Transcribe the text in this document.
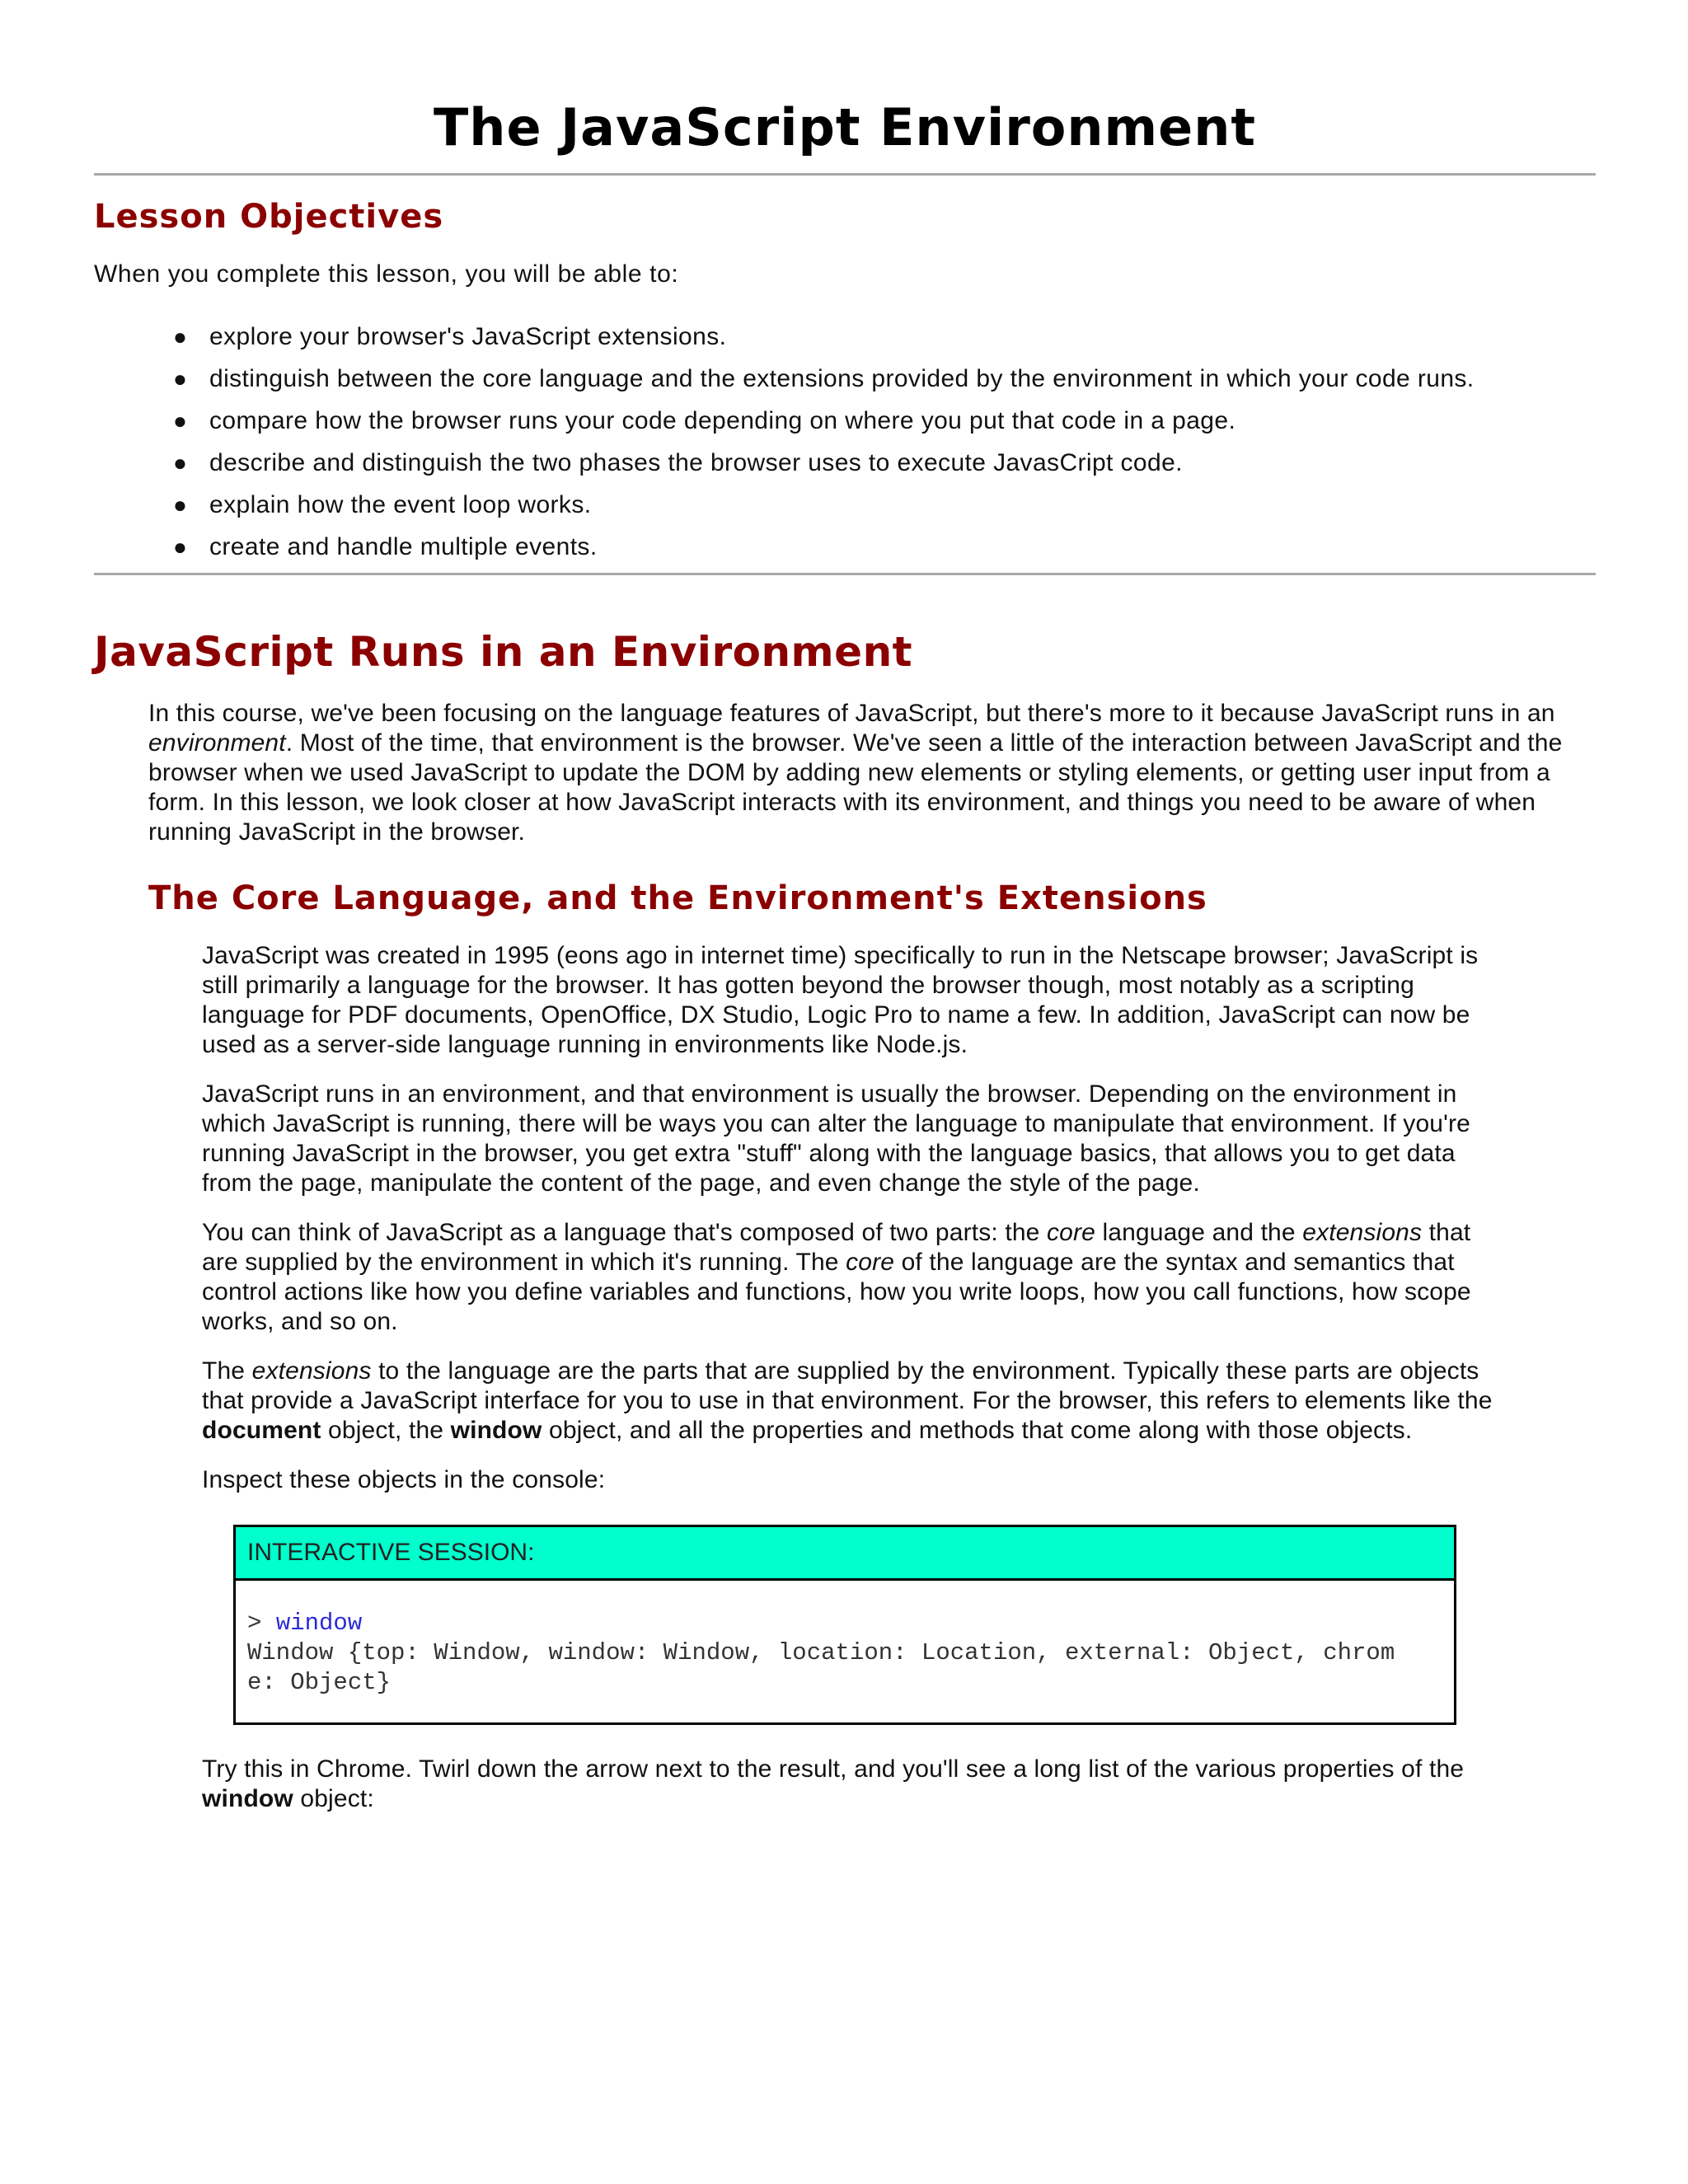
The JavaScript Environment
Lesson Objectives

When you complete this lesson, you will be able to:

● explore your browser's JavaScript extensions.
● distinguish between the core language and the extensions provided by the environment in which your code runs.
● compare how the browser runs your code depending on where you put that code in a page.
● describe and distinguish the two phases the browser uses to execute JavasCript code.
● explain how the event loop works.
● create and handle multiple events.
JavaScript Runs in an Environment

In this course, we've been focusing on the language features of JavaScript, but there's more to it because JavaScript runs in an environment. Most of the time, that environment is the browser. We've seen a little of the interaction between JavaScript and the browser when we used JavaScript to update the DOM by adding new elements or styling elements, or getting user input from a form. In this lesson, we look closer at how JavaScript interacts with its environment, and things you need to be aware of when running JavaScript in the browser.

The Core Language, and the Environment's Extensions

JavaScript was created in 1995 (eons ago in internet time) specifically to run in the Netscape browser; JavaScript is still primarily a language for the browser. It has gotten beyond the browser though, most notably as a scripting language for PDF documents, OpenOffice, DX Studio, Logic Pro to name a few. In addition, JavaScript can now be used as a server-side language running in environments like Node.js.

JavaScript runs in an environment, and that environment is usually the browser. Depending on the environment in which JavaScript is running, there will be ways you can alter the language to manipulate that environment. If you're running JavaScript in the browser, you get extra "stuff" along with the language basics, that allows you to get data from the page, manipulate the content of the page, and even change the style of the page.

You can think of JavaScript as a language that's composed of two parts: the core language and the extensions that are supplied by the environment in which it's running. The core of the language are the syntax and semantics that control actions like how you define variables and functions, how you write loops, how you call functions, how scope works, and so on.

The extensions to the language are the parts that are supplied by the environment. Typically these parts are objects that provide a JavaScript interface for you to use in that environment. For the browser, this refers to elements like the document object, the window object, and all the properties and methods that come along with those objects.

Inspect these objects in the console:

INTERACTIVE SESSION:
> window
Window {top: Window, window: Window, location: Location, external: Object, chrom
e: Object}

Try this in Chrome. Twirl down the arrow next to the result, and you'll see a long list of the various properties of the window object:
